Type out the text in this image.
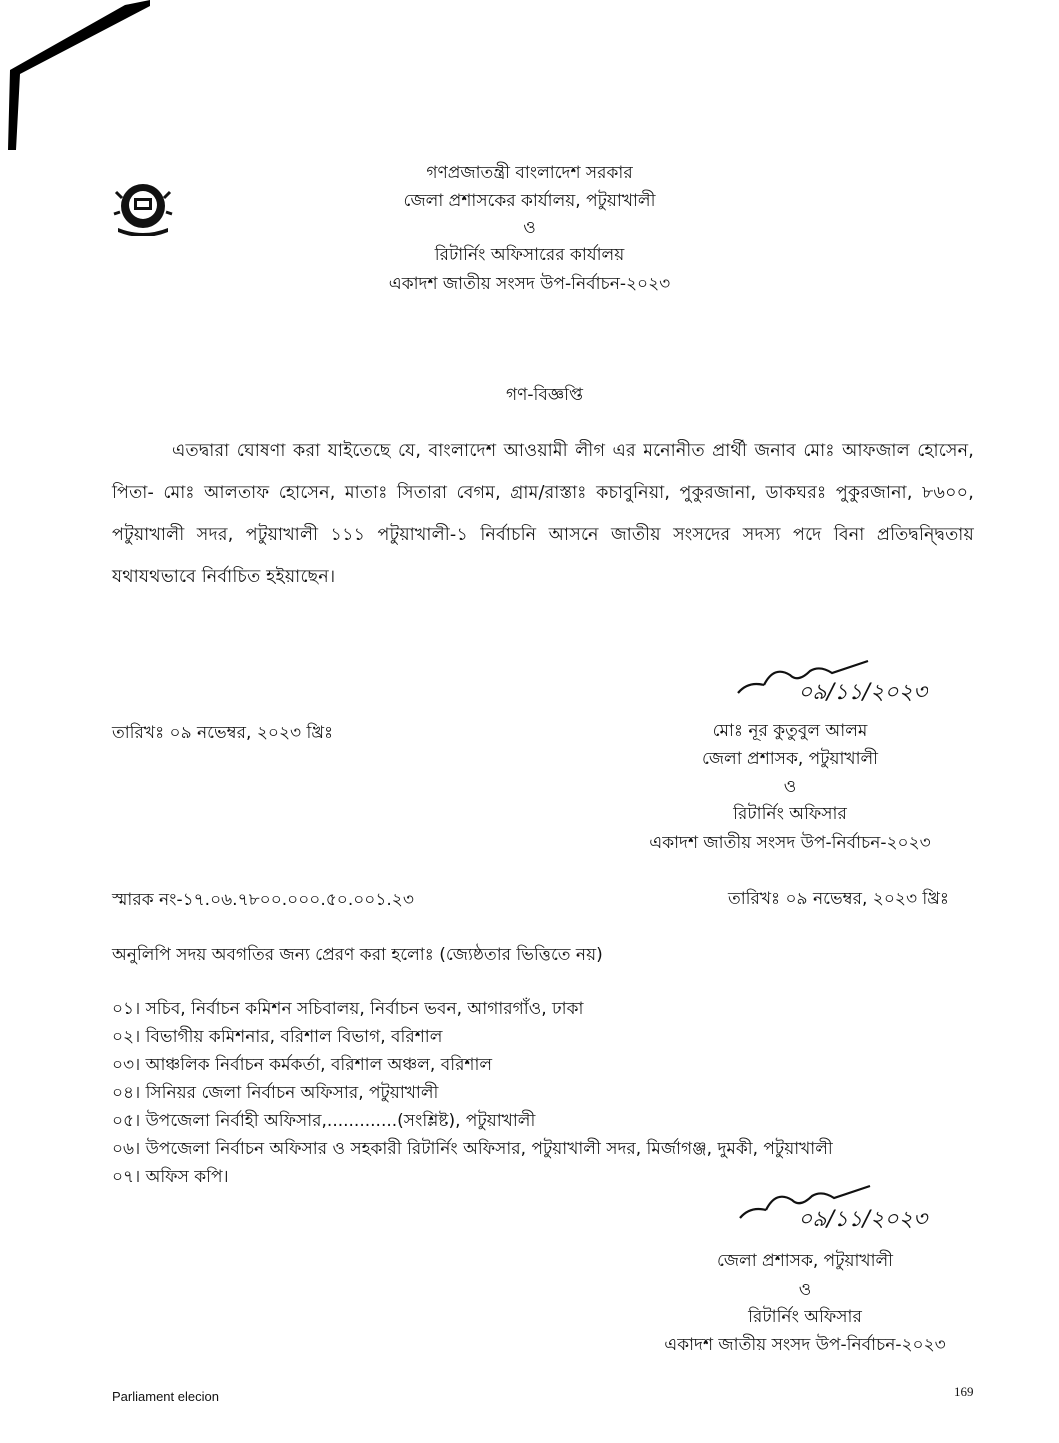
গণপ্রজাতন্ত্রী বাংলাদেশ সরকার
জেলা প্রশাসকের কার্যালয়, পটুয়াখালী
ও
রিটার্নিং অফিসারের কার্যালয়
একাদশ জাতীয় সংসদ উপ-নির্বাচন-২০২৩
গণ-বিজ্ঞপ্তি
এতদ্বারা ঘোষণা করা যাইতেছে যে, বাংলাদেশ আওয়ামী লীগ এর মনোনীত প্রার্থী জনাব মোঃ আফজাল হোসেন, পিতা- মোঃ আলতাফ হোসেন, মাতাঃ সিতারা বেগম, গ্রাম/রাস্তাঃ কচাবুনিয়া, পুকুরজানা, ডাকঘরঃ পুকুরজানা, ৮৬০০, পটুয়াখালী সদর, পটুয়াখালী ১১১ পটুয়াখালী-১ নির্বাচনি আসনে জাতীয় সংসদের সদস্য পদে বিনা প্রতিদ্বন্দ্বিতায় যথাযথভাবে নির্বাচিত হইয়াছেন।
০৯/১১/২০২৩
তারিখঃ ০৯ নভেম্বর, ২০২৩ খ্রিঃ	মোঃ নূর কুতুবুল আলম
জেলা প্রশাসক, পটুয়াখালী
ও
রিটার্নিং অফিসার
একাদশ জাতীয় সংসদ উপ-নির্বাচন-২০২৩
স্মারক নং-১৭.০৬.৭৮০০.০০০.৫০.০০১.২৩	তারিখঃ ০৯ নভেম্বর, ২০২৩ খ্রিঃ
অনুলিপি সদয় অবগতির জন্য প্রেরণ করা হলোঃ (জ্যেষ্ঠতার ভিত্তিতে নয়)
০১। সচিব, নির্বাচন কমিশন সচিবালয়, নির্বাচন ভবন, আগারগাঁও, ঢাকা
০২। বিভাগীয় কমিশনার, বরিশাল বিভাগ, বরিশাল
০৩। আঞ্চলিক নির্বাচন কর্মকর্তা, বরিশাল অঞ্চল, বরিশাল
০৪। সিনিয়র জেলা নির্বাচন অফিসার, পটুয়াখালী
০৫। উপজেলা নির্বাহী অফিসার,.............(সংশ্লিষ্ট), পটুয়াখালী
০৬। উপজেলা নির্বাচন অফিসার ও সহকারী রিটার্নিং অফিসার, পটুয়াখালী সদর, মির্জাগঞ্জ, দুমকী, পটুয়াখালী
০৭। অফিস কপি।
০৯/১১/২০২৩
জেলা প্রশাসক, পটুয়াখালী
ও
রিটার্নিং অফিসার
একাদশ জাতীয় সংসদ উপ-নির্বাচন-২০২৩
Parliament elecion	169
